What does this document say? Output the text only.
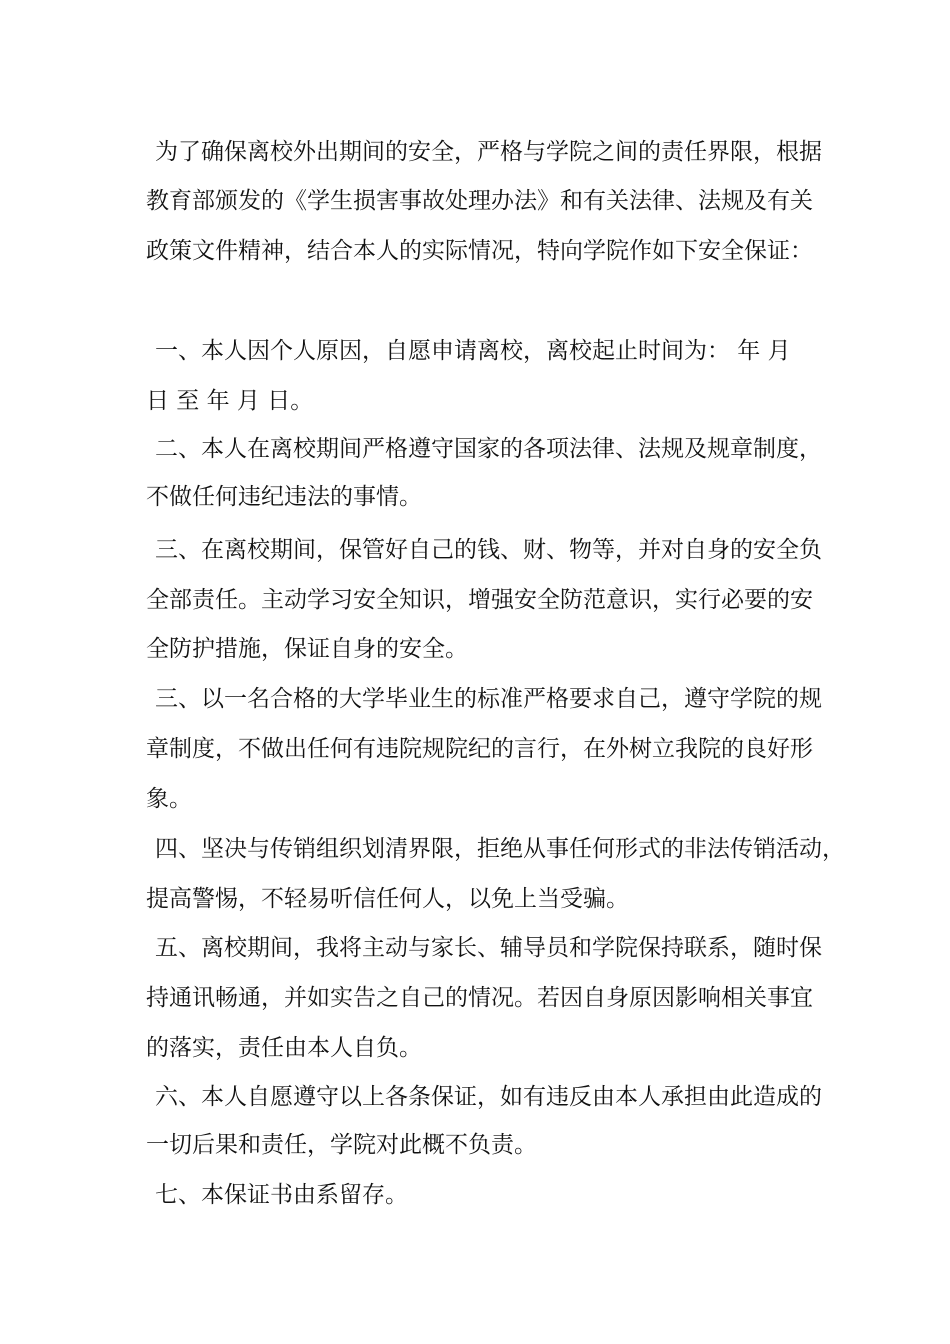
为了确保离校外出期间的安全，严格与学院之间的责任界限，根据
教育部颁发的《学生损害事故处理办法》和有关法律、法规及有关
政策文件精神，结合本人的实际情况，特向学院作如下安全保证：
一、本人因个人原因，自愿申请离校，离校起止时间为： 年 月
日 至 年 月 日。
二、本人在离校期间严格遵守国家的各项法律、法规及规章制度，
不做任何违纪违法的事情。
三、在离校期间，保管好自己的钱、财、物等，并对自身的安全负
全部责任。主动学习安全知识，增强安全防范意识，实行必要的安
全防护措施，保证自身的安全。
三、以一名合格的大学毕业生的标准严格要求自己，遵守学院的规
章制度，不做出任何有违院规院纪的言行，在外树立我院的良好形
象。
四、坚决与传销组织划清界限，拒绝从事任何形式的非法传销活动，
提高警惕，不轻易听信任何人，以免上当受骗。
五、离校期间，我将主动与家长、辅导员和学院保持联系，随时保
持通讯畅通，并如实告之自己的情况。若因自身原因影响相关事宜
的落实，责任由本人自负。
六、本人自愿遵守以上各条保证，如有违反由本人承担由此造成的
一切后果和责任，学院对此概不负责。
七、本保证书由系留存。
